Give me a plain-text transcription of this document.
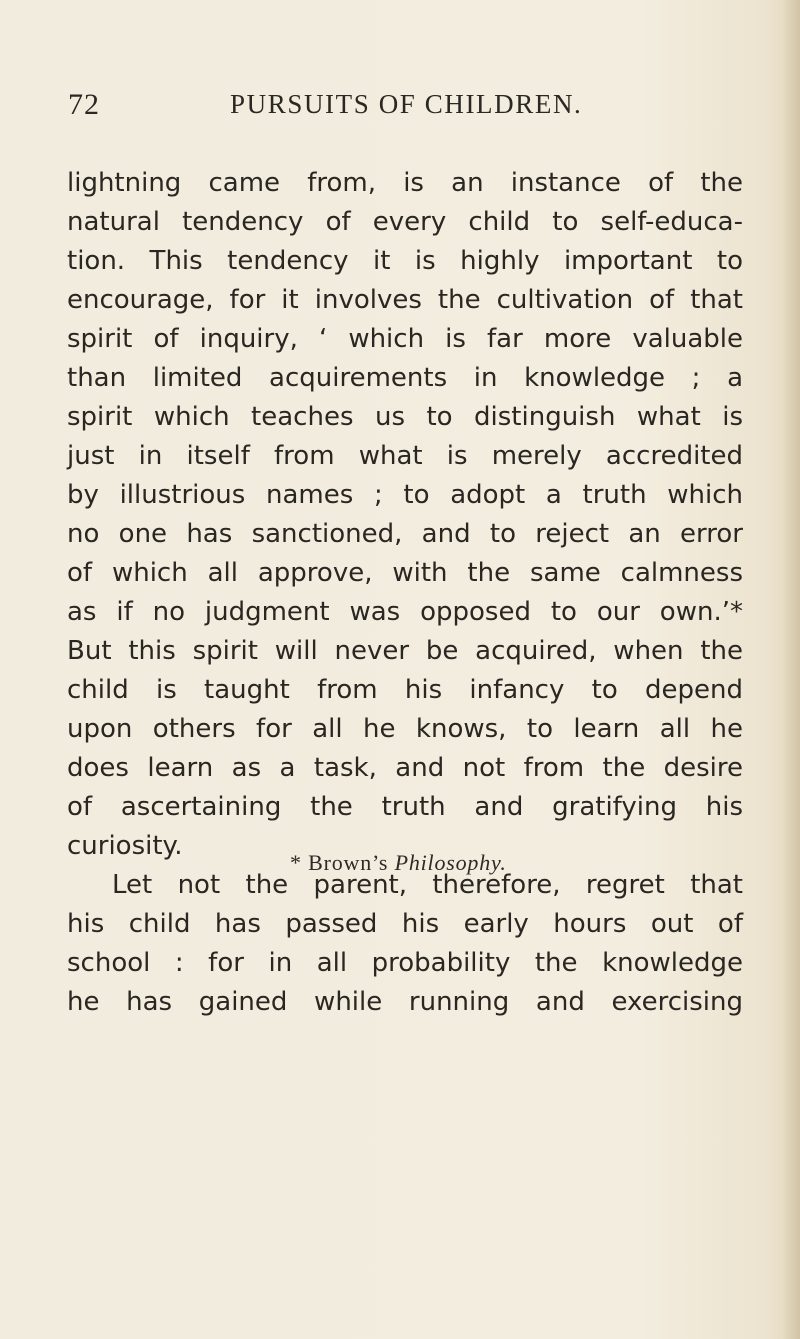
72	PURSUITS OF CHILDREN.
lightning came from, is an instance of the
natural tendency of every child to self-educa-
tion. This tendency it is highly important to
encourage, for it involves the cultivation of that
spirit of inquiry, ‘ which is far more valuable
than limited acquirements in knowledge ; a
spirit which teaches us to distinguish what is
just in itself from what is merely accredited
by illustrious names ; to adopt a truth which
no one has sanctioned, and to reject an error
of which all approve, with the same calmness
as if no judgment was opposed to our own.’*
But this spirit will never be acquired, when the
child is taught from his infancy to depend
upon others for all he knows, to learn all he
does learn as a task, and not from the desire
of ascertaining the truth and gratifying his
curiosity.
Let not the parent, therefore, regret that
his child has passed his early hours out of
school : for in all probability the knowledge
he has gained while running and exercising
* Brown’s Philosophy.
